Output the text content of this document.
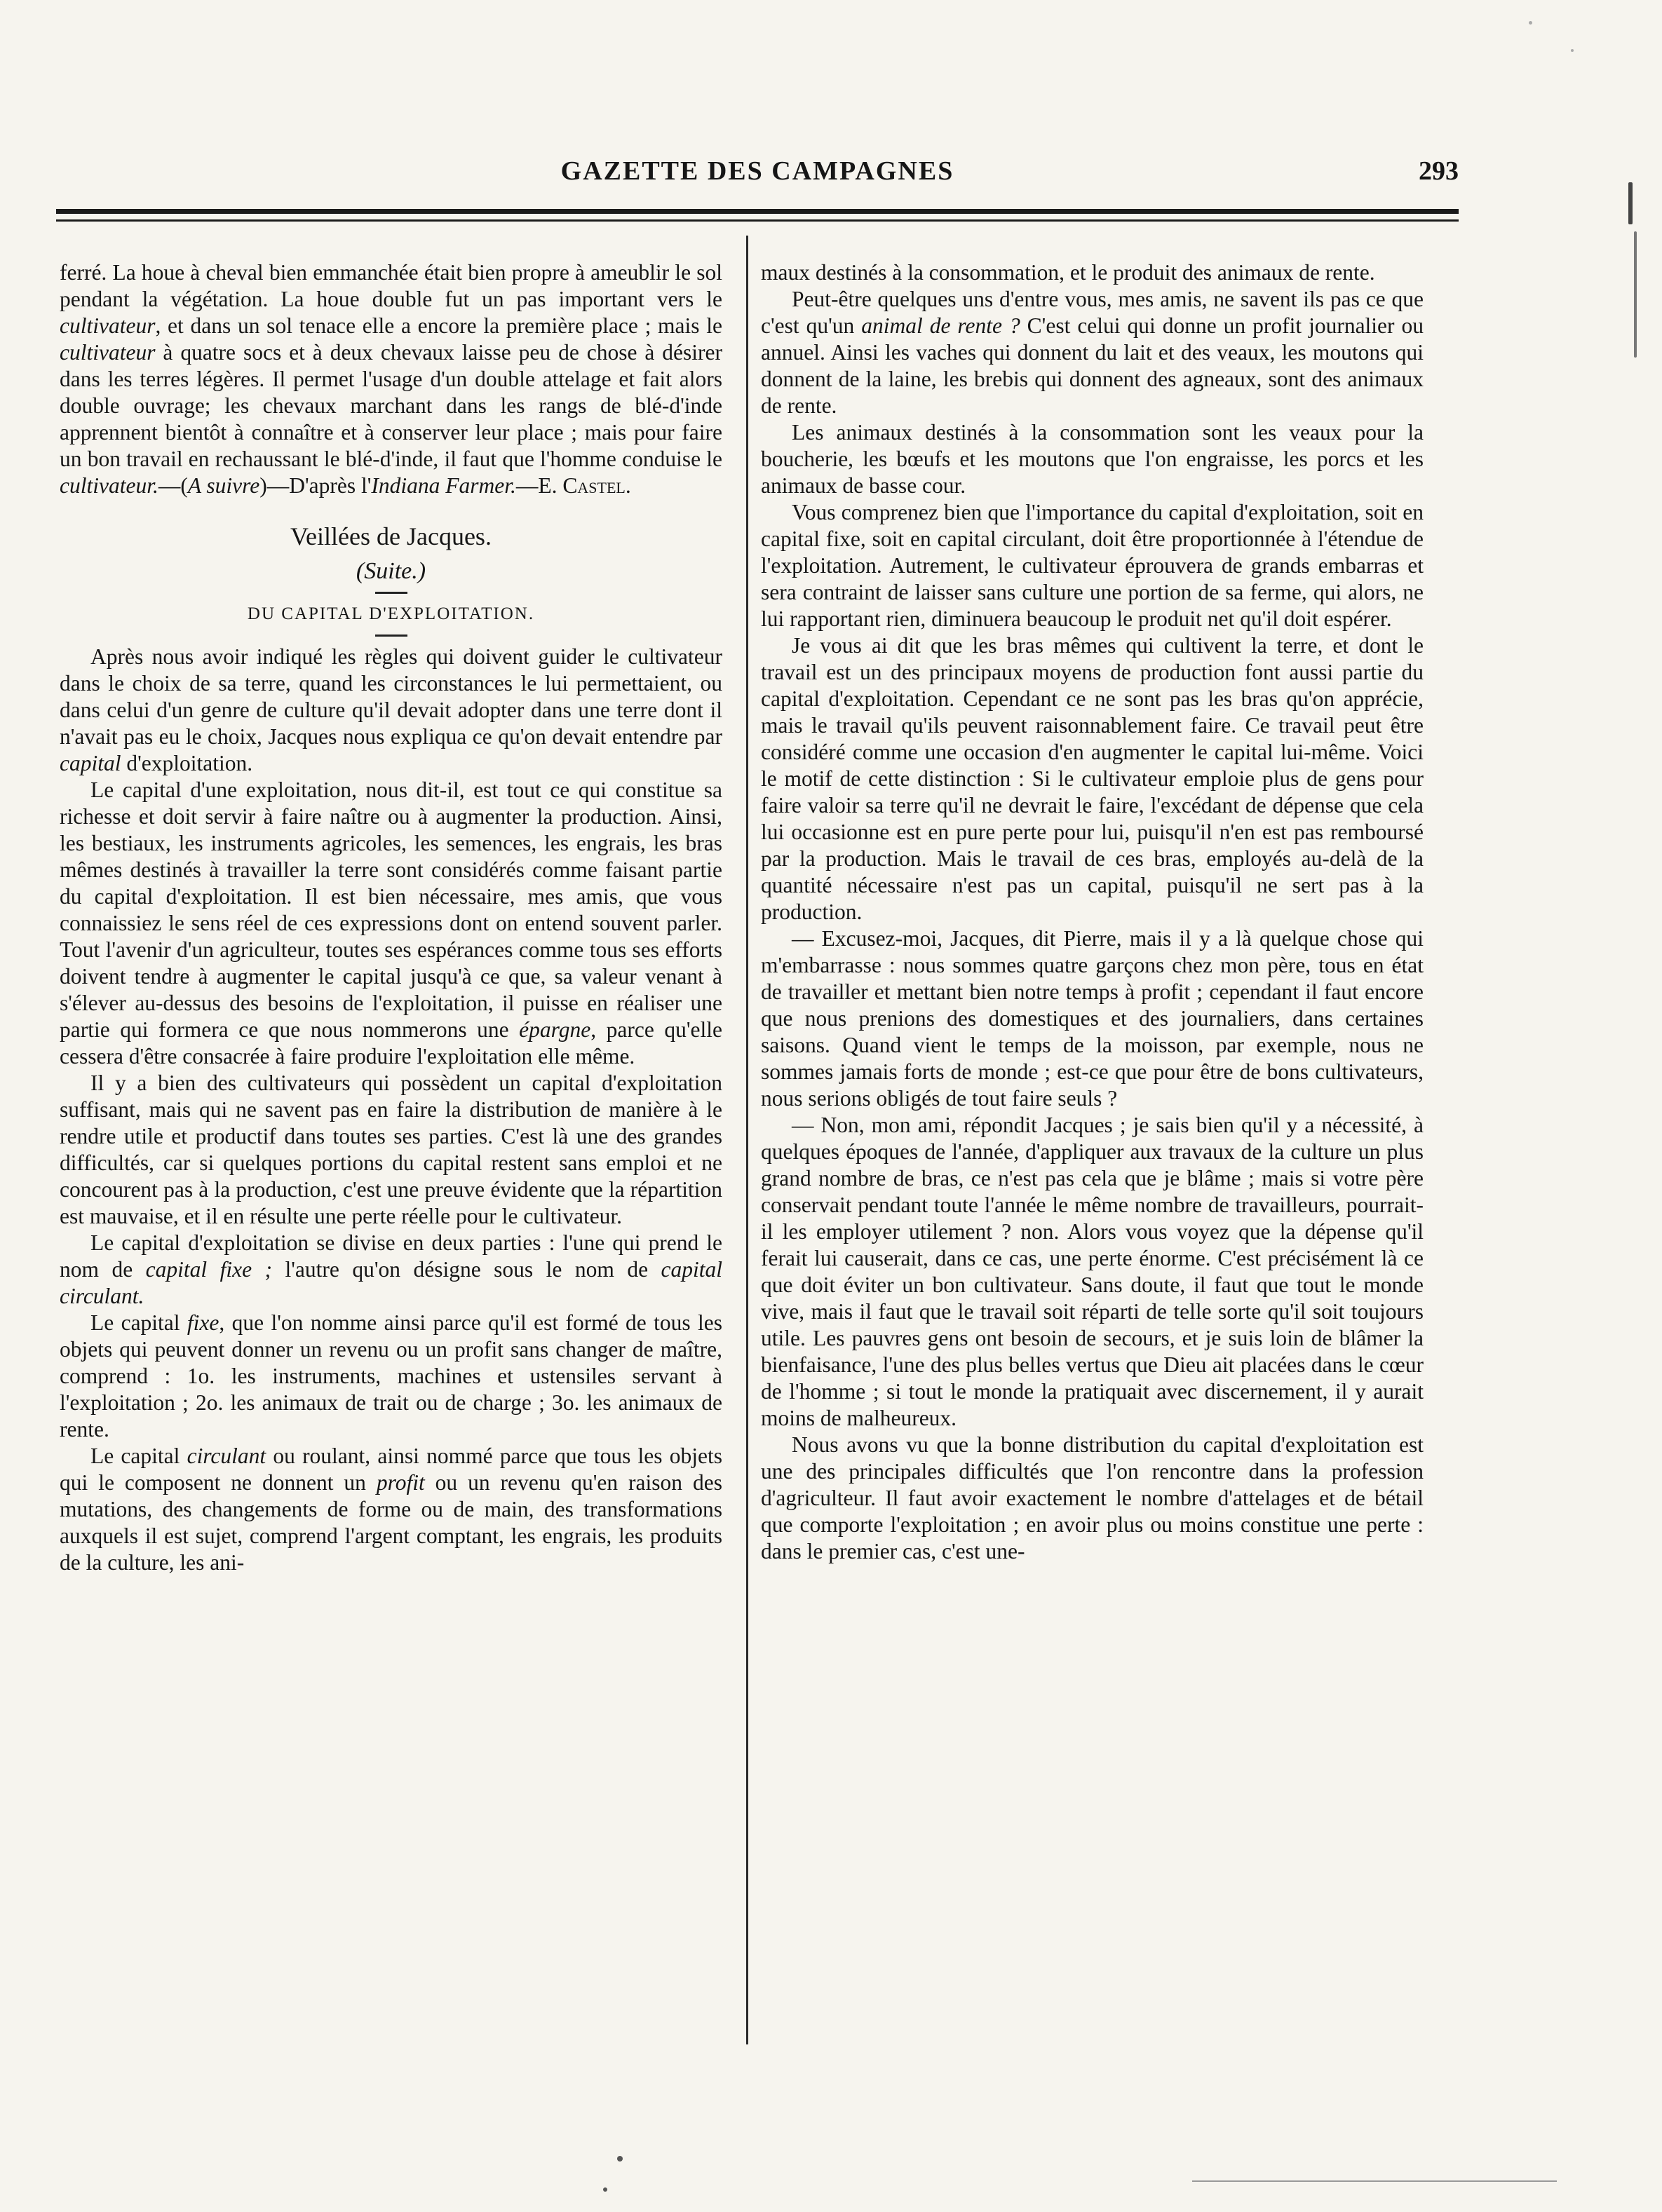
GAZETTE DES CAMPAGNES	293

ferré. La houe à cheval bien emmanchée était bien propre à ameublir le sol pendant la végétation. La houe double fut un pas important vers le cultivateur, et dans un sol tenace elle a encore la première place ; mais le cultivateur à quatre socs et à deux chevaux laisse peu de chose à désirer dans les terres légères. Il permet l'usage d'un double attelage et fait alors double ouvrage; les chevaux marchant dans les rangs de blé-d'inde apprennent bientôt à connaître et à conserver leur place ; mais pour faire un bon travail en rechaussant le blé-d'inde, il faut que l'homme conduise le cultivateur.—(A suivre)—D'après l'Indiana Farmer.—E. Castel.

Veillées de Jacques.
(Suite.)
DU CAPITAL D'EXPLOITATION.

Après nous avoir indiqué les règles qui doivent guider le cultivateur dans le choix de sa terre, quand les circonstances le lui permettaient, ou dans celui d'un genre de culture qu'il devait adopter dans une terre dont il n'avait pas eu le choix, Jacques nous expliqua ce qu'on devait entendre par capital d'exploitation.

Le capital d'une exploitation, nous dit-il, est tout ce qui constitue sa richesse et doit servir à faire naître ou à augmenter la production. Ainsi, les bestiaux, les instruments agricoles, les semences, les engrais, les bras mêmes destinés à travailler la terre sont considérés comme faisant partie du capital d'exploitation. Il est bien nécessaire, mes amis, que vous connaissiez le sens réel de ces expressions dont on entend souvent parler. Tout l'avenir d'un agriculteur, toutes ses espérances comme tous ses efforts doivent tendre à augmenter le capital jusqu'à ce que, sa valeur venant à s'élever au-dessus des besoins de l'exploitation, il puisse en réaliser une partie qui formera ce que nous nommerons une épargne, parce qu'elle cessera d'être consacrée à faire produire l'exploitation elle même.

Il y a bien des cultivateurs qui possèdent un capital d'exploitation suffisant, mais qui ne savent pas en faire la distribution de manière à le rendre utile et productif dans toutes ses parties. C'est là une des grandes difficultés, car si quelques portions du capital restent sans emploi et ne concourent pas à la production, c'est une preuve évidente que la répartition est mauvaise, et il en résulte une perte réelle pour le cultivateur.

Le capital d'exploitation se divise en deux parties : l'une qui prend le nom de capital fixe ; l'autre qu'on désigne sous le nom de capital circulant.

Le capital fixe, que l'on nomme ainsi parce qu'il est formé de tous les objets qui peuvent donner un revenu ou un profit sans changer de maître, comprend : 1o. les instruments, machines et ustensiles servant à l'exploitation ; 2o. les animaux de trait ou de charge ; 3o. les animaux de rente.

Le capital circulant ou roulant, ainsi nommé parce que tous les objets qui le composent ne donnent un profit ou un revenu qu'en raison des mutations, des changements de forme ou de main, des transformations auxquels il est sujet, comprend l'argent comptant, les engrais, les produits de la culture, les ani-

maux destinés à la consommation, et le produit des animaux de rente.

Peut-être quelques uns d'entre vous, mes amis, ne savent ils pas ce que c'est qu'un animal de rente ? C'est celui qui donne un profit journalier ou annuel. Ainsi les vaches qui donnent du lait et des veaux, les moutons qui donnent de la laine, les brebis qui donnent des agneaux, sont des animaux de rente.

Les animaux destinés à la consommation sont les veaux pour la boucherie, les bœufs et les moutons que l'on engraisse, les porcs et les animaux de basse cour.

Vous comprenez bien que l'importance du capital d'exploitation, soit en capital fixe, soit en capital circulant, doit être proportionnée à l'étendue de l'exploitation. Autrement, le cultivateur éprouvera de grands embarras et sera contraint de laisser sans culture une portion de sa ferme, qui alors, ne lui rapportant rien, diminuera beaucoup le produit net qu'il doit espérer.

Je vous ai dit que les bras mêmes qui cultivent la terre, et dont le travail est un des principaux moyens de production font aussi partie du capital d'exploitation. Cependant ce ne sont pas les bras qu'on apprécie, mais le travail qu'ils peuvent raisonnablement faire. Ce travail peut être considéré comme une occasion d'en augmenter le capital lui-même. Voici le motif de cette distinction : Si le cultivateur emploie plus de gens pour faire valoir sa terre qu'il ne devrait le faire, l'excédant de dépense que cela lui occasionne est en pure perte pour lui, puisqu'il n'en est pas remboursé par la production. Mais le travail de ces bras, employés au-delà de la quantité nécessaire n'est pas un capital, puisqu'il ne sert pas à la production.

— Excusez-moi, Jacques, dit Pierre, mais il y a là quelque chose qui m'embarrasse : nous sommes quatre garçons chez mon père, tous en état de travailler et mettant bien notre temps à profit ; cependant il faut encore que nous prenions des domestiques et des journaliers, dans certaines saisons. Quand vient le temps de la moisson, par exemple, nous ne sommes jamais forts de monde ; est-ce que pour être de bons cultivateurs, nous serions obligés de tout faire seuls ?

— Non, mon ami, répondit Jacques ; je sais bien qu'il y a nécessité, à quelques époques de l'année, d'appliquer aux travaux de la culture un plus grand nombre de bras, ce n'est pas cela que je blâme ; mais si votre père conservait pendant toute l'année le même nombre de travailleurs, pourrait-il les employer utilement ? non. Alors vous voyez que la dépense qu'il ferait lui causerait, dans ce cas, une perte énorme. C'est précisément là ce que doit éviter un bon cultivateur. Sans doute, il faut que tout le monde vive, mais il faut que le travail soit réparti de telle sorte qu'il soit toujours utile. Les pauvres gens ont besoin de secours, et je suis loin de blâmer la bienfaisance, l'une des plus belles vertus que Dieu ait placées dans le cœur de l'homme ; si tout le monde la pratiquait avec discernement, il y aurait moins de malheureux.

Nous avons vu que la bonne distribution du capital d'exploitation est une des principales difficultés que l'on rencontre dans la profession d'agriculteur. Il faut avoir exactement le nombre d'attelages et de bétail que comporte l'exploitation ; en avoir plus ou moins constitue une perte : dans le premier cas, c'est une-
